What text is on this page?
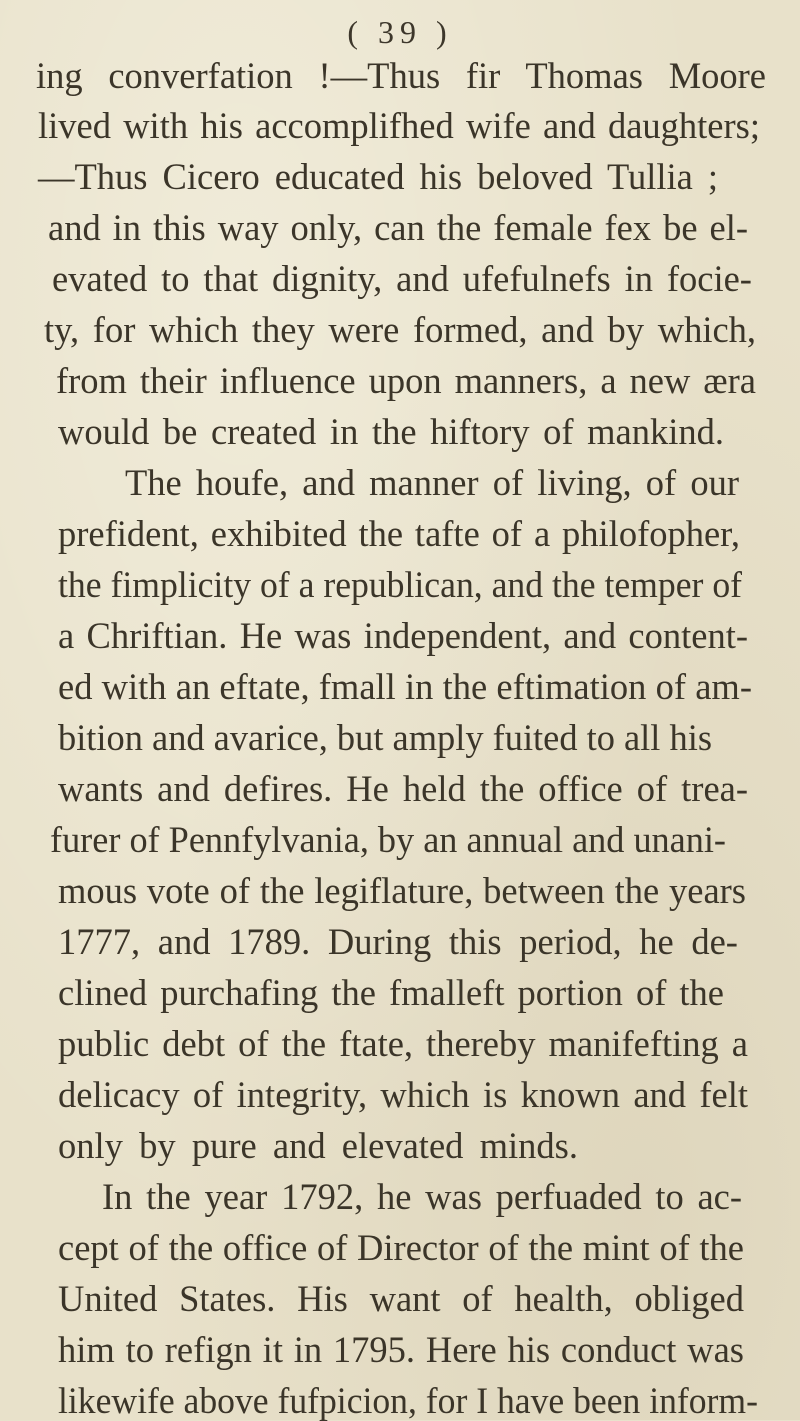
( 39 )
ing converfation !—Thus fir Thomas Moore
lived with his accomplifhed wife and daughters;
—Thus Cicero educated his beloved Tullia ;
and in this way only, can the female fex be el-
evated to that dignity, and ufefulnefs in focie-
ty, for which they were formed, and by which,
from their influence upon manners, a new æra
would be created in the hiftory of mankind.
The houfe, and manner of living, of our
prefident, exhibited the tafte of a philofopher,
the fimplicity of a republican, and the temper of
a Chriftian. He was independent, and content-
ed with an eftate, fmall in the eftimation of am-
bition and avarice, but amply fuited to all his
wants and defires. He held the office of trea-
furer of Pennfylvania, by an annual and unani-
mous vote of the legiflature, between the years
1777, and 1789. During this period, he de-
clined purchafing the fmalleft portion of the
public debt of the ftate, thereby manifefting a
delicacy of integrity, which is known and felt
only by pure and elevated minds.
In the year 1792, he was perfuaded to ac-
cept of the office of Director of the mint of the
United States. His want of health, obliged
him to refign it in 1795. Here his conduct was
likewife above fufpicion, for I have been inform-
